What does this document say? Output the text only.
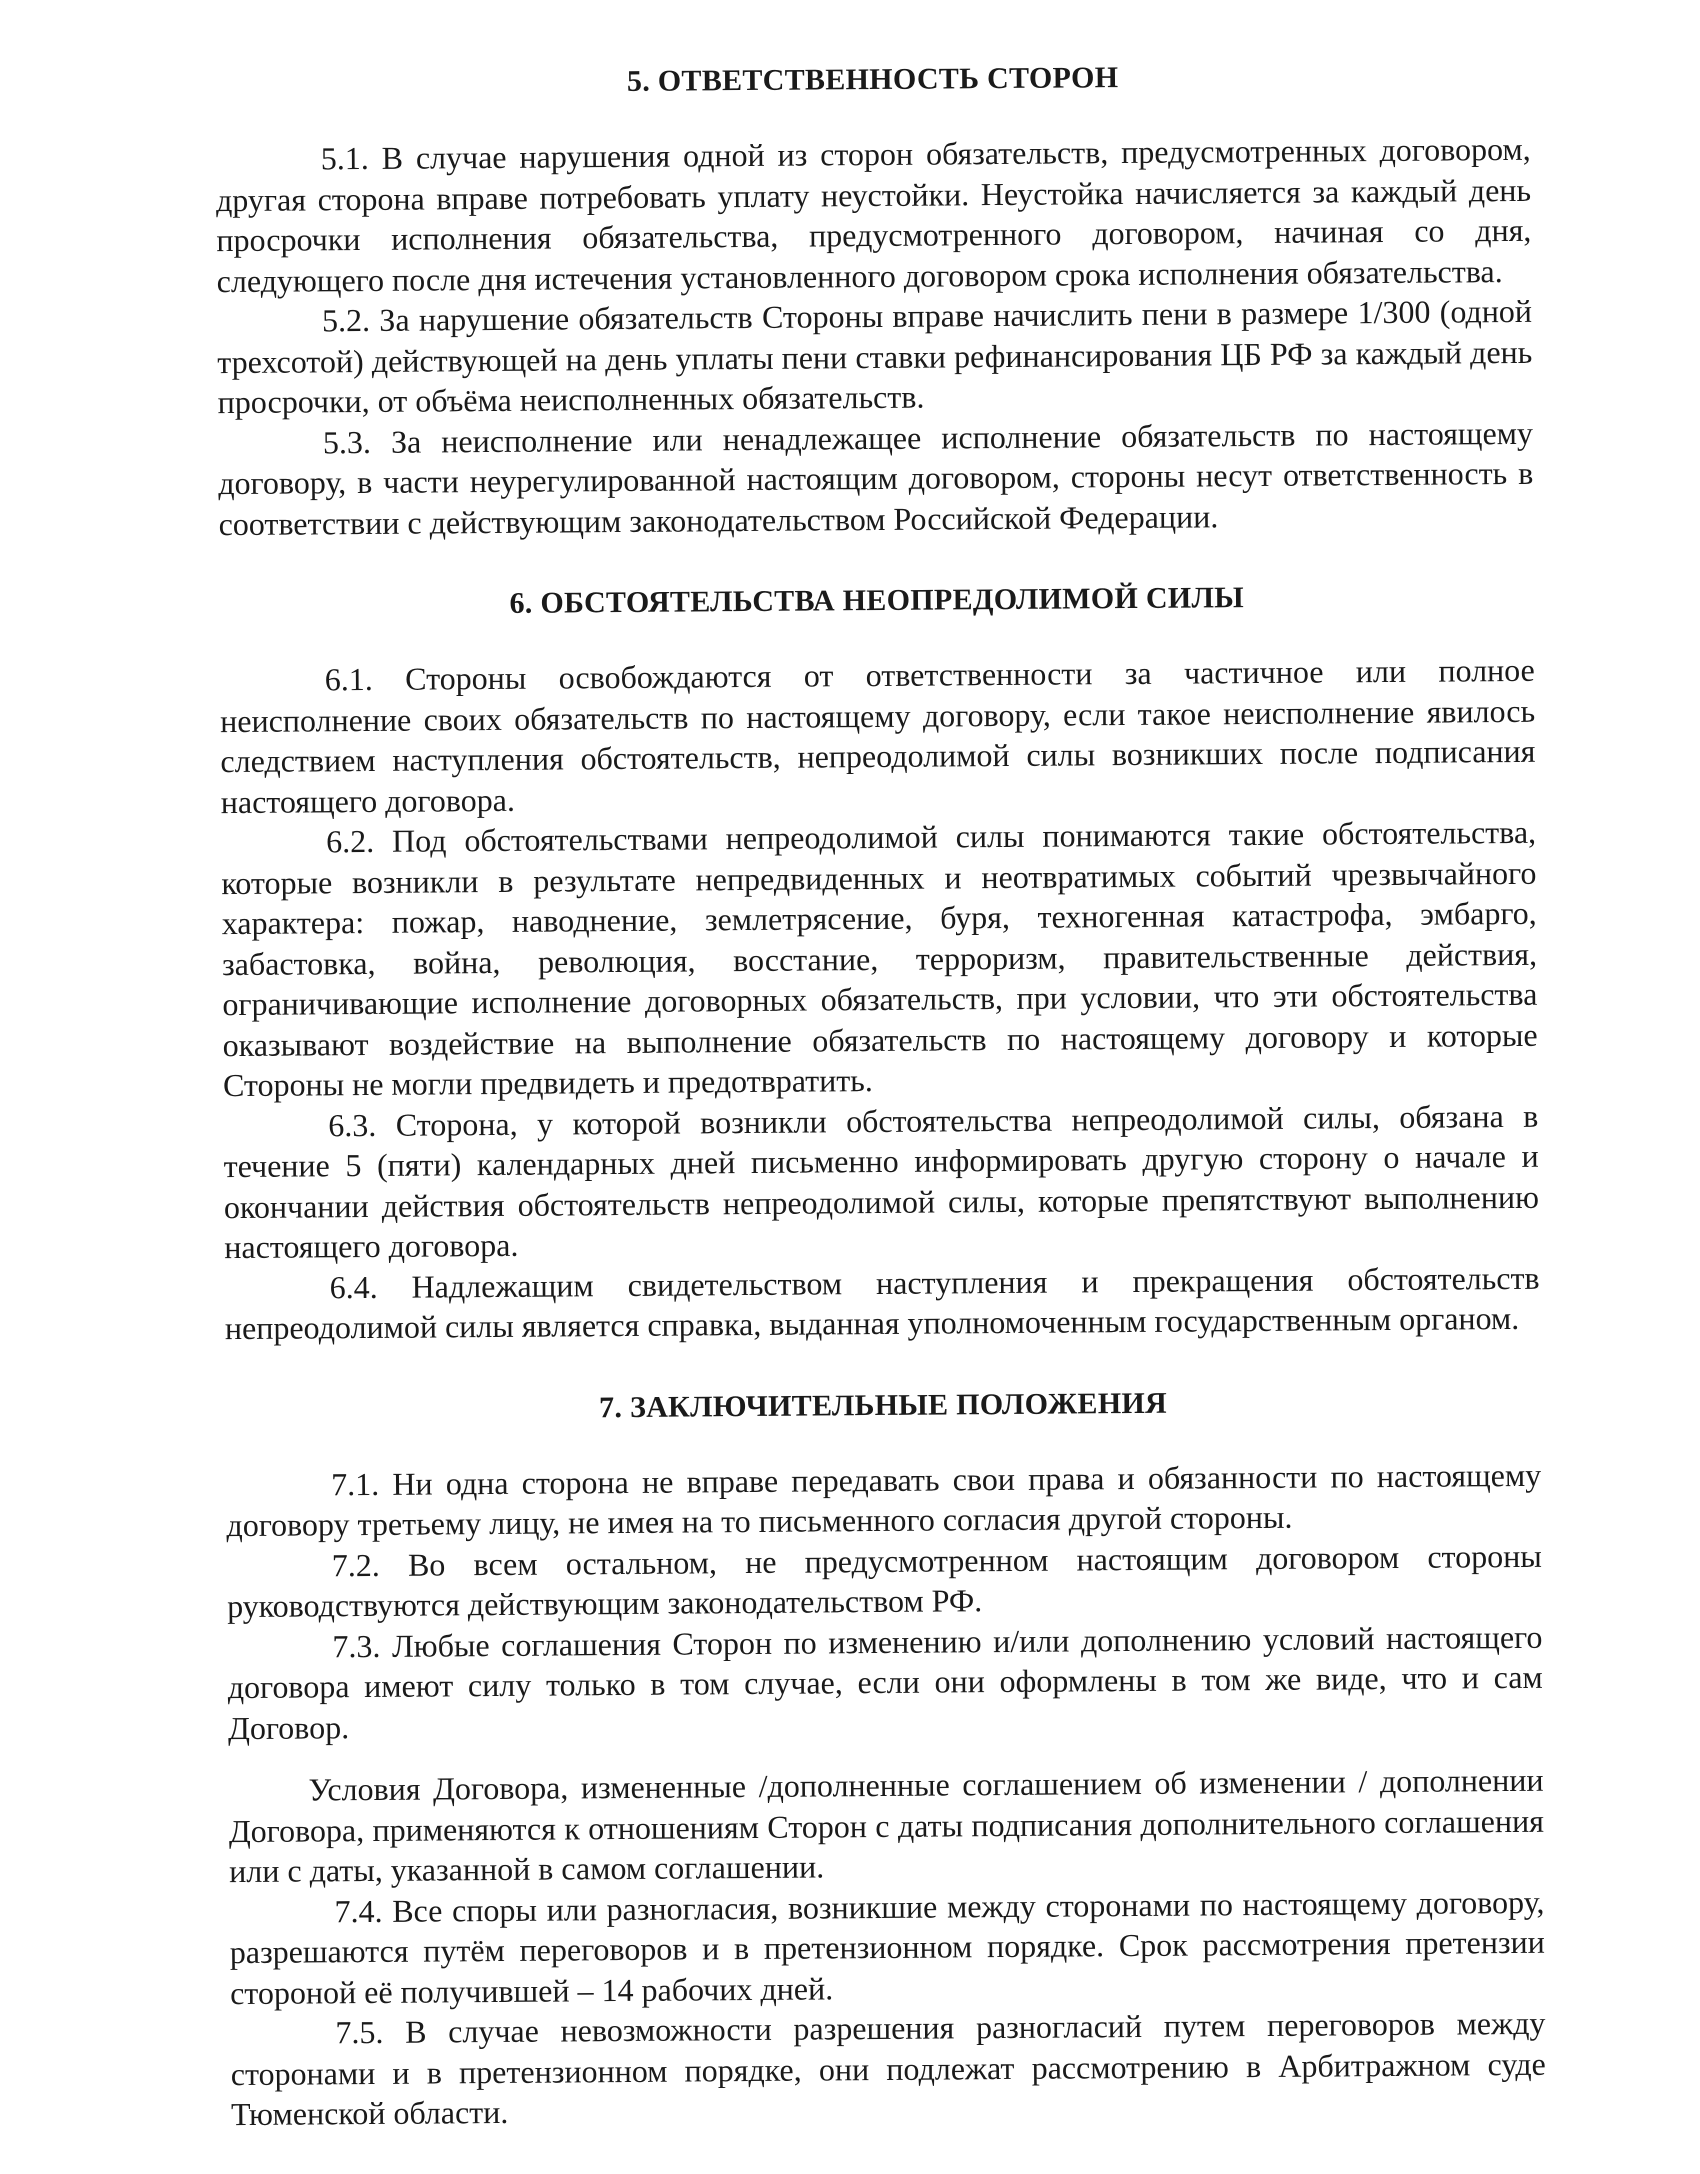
5. ОТВЕТСТВЕННОСТЬ СТОРОН

5.1. В случае нарушения одной из сторон обязательств, предусмотренных договором, другая сторона вправе потребовать уплату неустойки. Неустойка начисляется за каждый день просрочки исполнения обязательства, предусмотренного договором, начиная со дня, следующего после дня истечения установленного договором срока исполнения обязательства.

5.2. За нарушение обязательств Стороны вправе начислить пени в размере 1/300 (одной трехсотой) действующей на день уплаты пени ставки рефинансирования ЦБ РФ за каждый день просрочки, от объёма неисполненных обязательств.

5.3. За неисполнение или ненадлежащее исполнение обязательств по настоящему договору, в части неурегулированной настоящим договором, стороны несут ответственность в соответствии с действующим законодательством Российской Федерации.

6. ОБСТОЯТЕЛЬСТВА НЕОПРЕДОЛИМОЙ СИЛЫ

6.1. Стороны освобождаются от ответственности за частичное или полное неисполнение своих обязательств по настоящему договору, если такое неисполнение явилось следствием наступления обстоятельств, непреодолимой силы возникших после подписания настоящего договора.

6.2. Под обстоятельствами непреодолимой силы понимаются такие обстоятельства, которые возникли в результате непредвиденных и неотвратимых событий чрезвычайного характера: пожар, наводнение, землетрясение, буря, техногенная катастрофа, эмбарго, забастовка, война, революция, восстание, терроризм, правительственные действия, ограничивающие исполнение договорных обязательств, при условии, что эти обстоятельства оказывают воздействие на выполнение обязательств по настоящему договору и которые Стороны не могли предвидеть и предотвратить.

6.3. Сторона, у которой возникли обстоятельства непреодолимой силы, обязана в течение 5 (пяти) календарных дней письменно информировать другую сторону о начале и окончании действия обстоятельств непреодолимой силы, которые препятствуют выполнению настоящего договора.

6.4. Надлежащим свидетельством наступления и прекращения обстоятельств непреодолимой силы является справка, выданная уполномоченным государственным органом.

7. ЗАКЛЮЧИТЕЛЬНЫЕ ПОЛОЖЕНИЯ

7.1. Ни одна сторона не вправе передавать свои права и обязанности по настоящему договору третьему лицу, не имея на то письменного согласия другой стороны.

7.2. Во всем остальном, не предусмотренном настоящим договором стороны руководствуются действующим законодательством РФ.

7.3. Любые соглашения Сторон по изменению и/или дополнению условий настоящего договора имеют силу только в том случае, если они оформлены в том же виде, что и сам Договор.

Условия Договора, измененные /дополненные соглашением об изменении / дополнении Договора, применяются к отношениям Сторон с даты подписания дополнительного соглашения или с даты, указанной в самом соглашении.

7.4. Все споры или разногласия, возникшие между сторонами по настоящему договору, разрешаются путём переговоров и в претензионном порядке. Срок рассмотрения претензии стороной её получившей – 14 рабочих дней.

7.5. В случае невозможности разрешения разногласий путем переговоров между сторонами и в претензионном порядке, они подлежат рассмотрению в Арбитражном суде Тюменской области.
